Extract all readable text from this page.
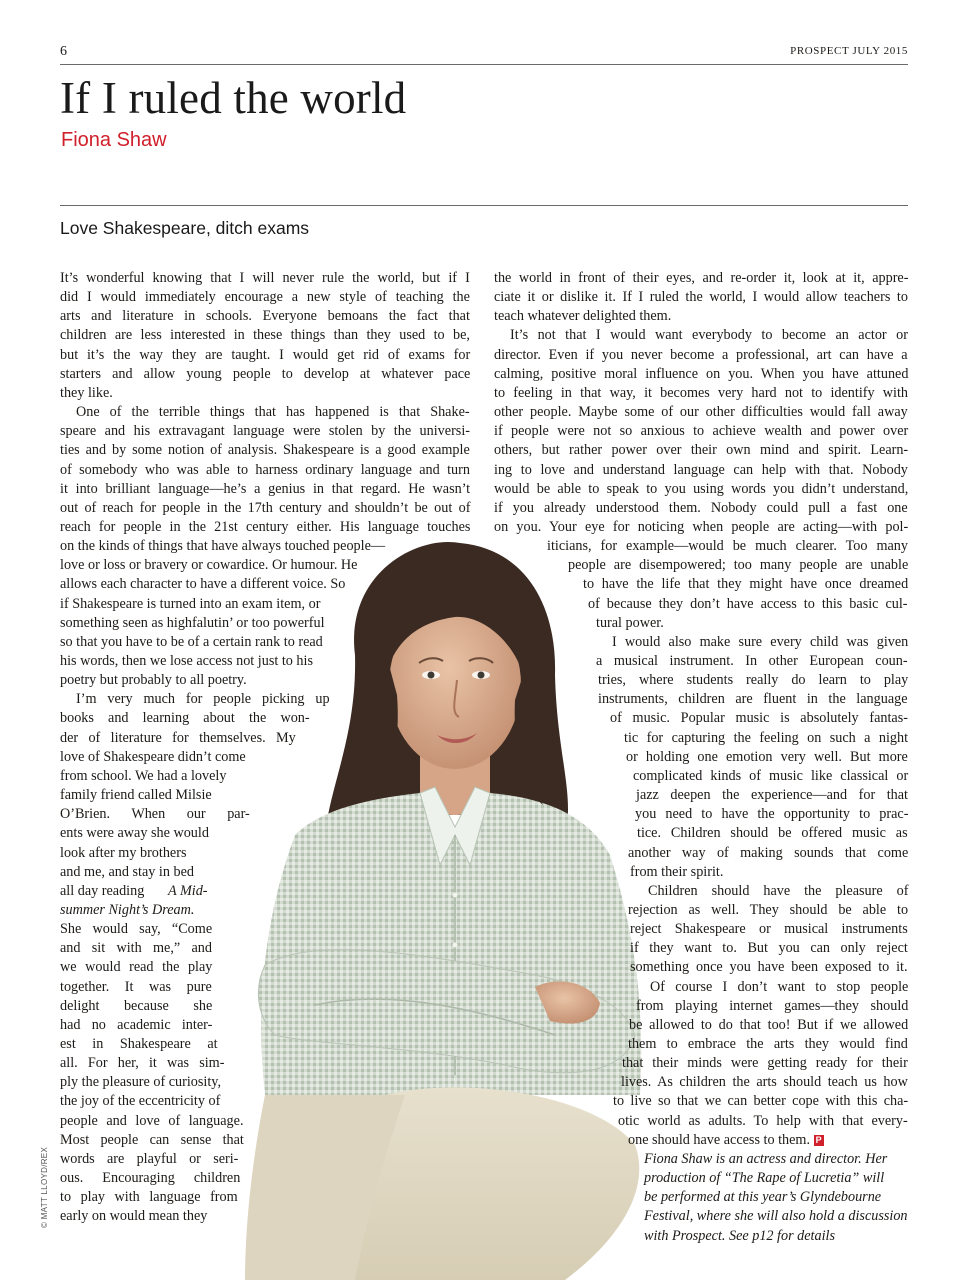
6	PROSPECT JULY 2015
If I ruled the world
Fiona Shaw
Love Shakespeare, ditch exams
It’s wonderful knowing that I will never rule the world, but if I
did I would immediately encourage a new style of teaching the
arts and literature in schools. Everyone bemoans the fact that
children are less interested in these things than they used to be,
but it’s the way they are taught. I would get rid of exams for
starters and allow young people to develop at whatever pace
they like.
One of the terrible things that has happened is that Shake-
speare and his extravagant language were stolen by the universi-
ties and by some notion of analysis. Shakespeare is a good example
of somebody who was able to harness ordinary language and turn
it into brilliant language—he’s a genius in that regard. He wasn’t
out of reach for people in the 17th century and shouldn’t be out of
reach for people in the 21st century either. His language touches
on the kinds of things that have always touched people—
love or loss or bravery or cowardice. Or humour. He
allows each character to have a different voice. So
if Shakespeare is turned into an exam item, or
something seen as highfalutin’ or too powerful
so that you have to be of a certain rank to read
his words, then we lose access not just to his
poetry but probably to all poetry.
I’m very much for people picking up
books and learning about the won-
der of literature for themselves. My
love of Shakespeare didn’t come
from school. We had a lovely
family friend called Milsie
O’Brien. When our par-
ents were away she would
look after my brothers
and me, and stay in bed
all day reading A Mid-
summer Night’s Dream.
She would say, “Come
and sit with me,” and
we would read the play
together. It was pure
delight because she
had no academic inter-
est in Shakespeare at
all. For her, it was sim-
ply the pleasure of curiosity,
the joy of the eccentricity of
people and love of language.
Most people can sense that
words are playful or seri-
ous. Encouraging children
to play with language from
early on would mean they
the world in front of their eyes, and re-order it, look at it, appre-
ciate it or dislike it. If I ruled the world, I would allow teachers to
teach whatever delighted them.
It’s not that I would want everybody to become an actor or
director. Even if you never become a professional, art can have a
calming, positive moral influence on you. When you have attuned
to feeling in that way, it becomes very hard not to identify with
other people. Maybe some of our other difficulties would fall away
if people were not so anxious to achieve wealth and power over
others, but rather power over their own mind and spirit. Learn-
ing to love and understand language can help with that. Nobody
would be able to speak to you using words you didn’t understand,
if you already understood them. Nobody could pull a fast one
on you. Your eye for noticing when people are acting—with pol-
iticians, for example—would be much clearer. Too many
people are disempowered; too many people are unable
to have the life that they might have once dreamed
of because they don’t have access to this basic cul-
tural power.
I would also make sure every child was given
a musical instrument. In other European coun-
tries, where students really do learn to play
instruments, children are fluent in the language
of music. Popular music is absolutely fantas-
tic for capturing the feeling on such a night
or holding one emotion very well. But more
complicated kinds of music like classical or
jazz deepen the experience—and for that
you need to have the opportunity to prac-
tice. Children should be offered music as
another way of making sounds that come
from their spirit.
Children should have the pleasure of
rejection as well. They should be able to
reject Shakespeare or musical instruments
if they want to. But you can only reject
something once you have been exposed to it.
Of course I don’t want to stop people
from playing internet games—they should
be allowed to do that too! But if we allowed
them to embrace the arts they would find
that their minds were getting ready for their
lives. As children the arts should teach us how
to live so that we can better cope with this cha-
otic world as adults. To help with that every-
one should have access to them. P
Fiona Shaw is an actress and director. Her
production of “The Rape of Lucretia” will
be performed at this year’s Glyndebourne
Festival, where she will also hold a discussion
with Prospect. See p12 for details
© MATT LLOYD/REX
